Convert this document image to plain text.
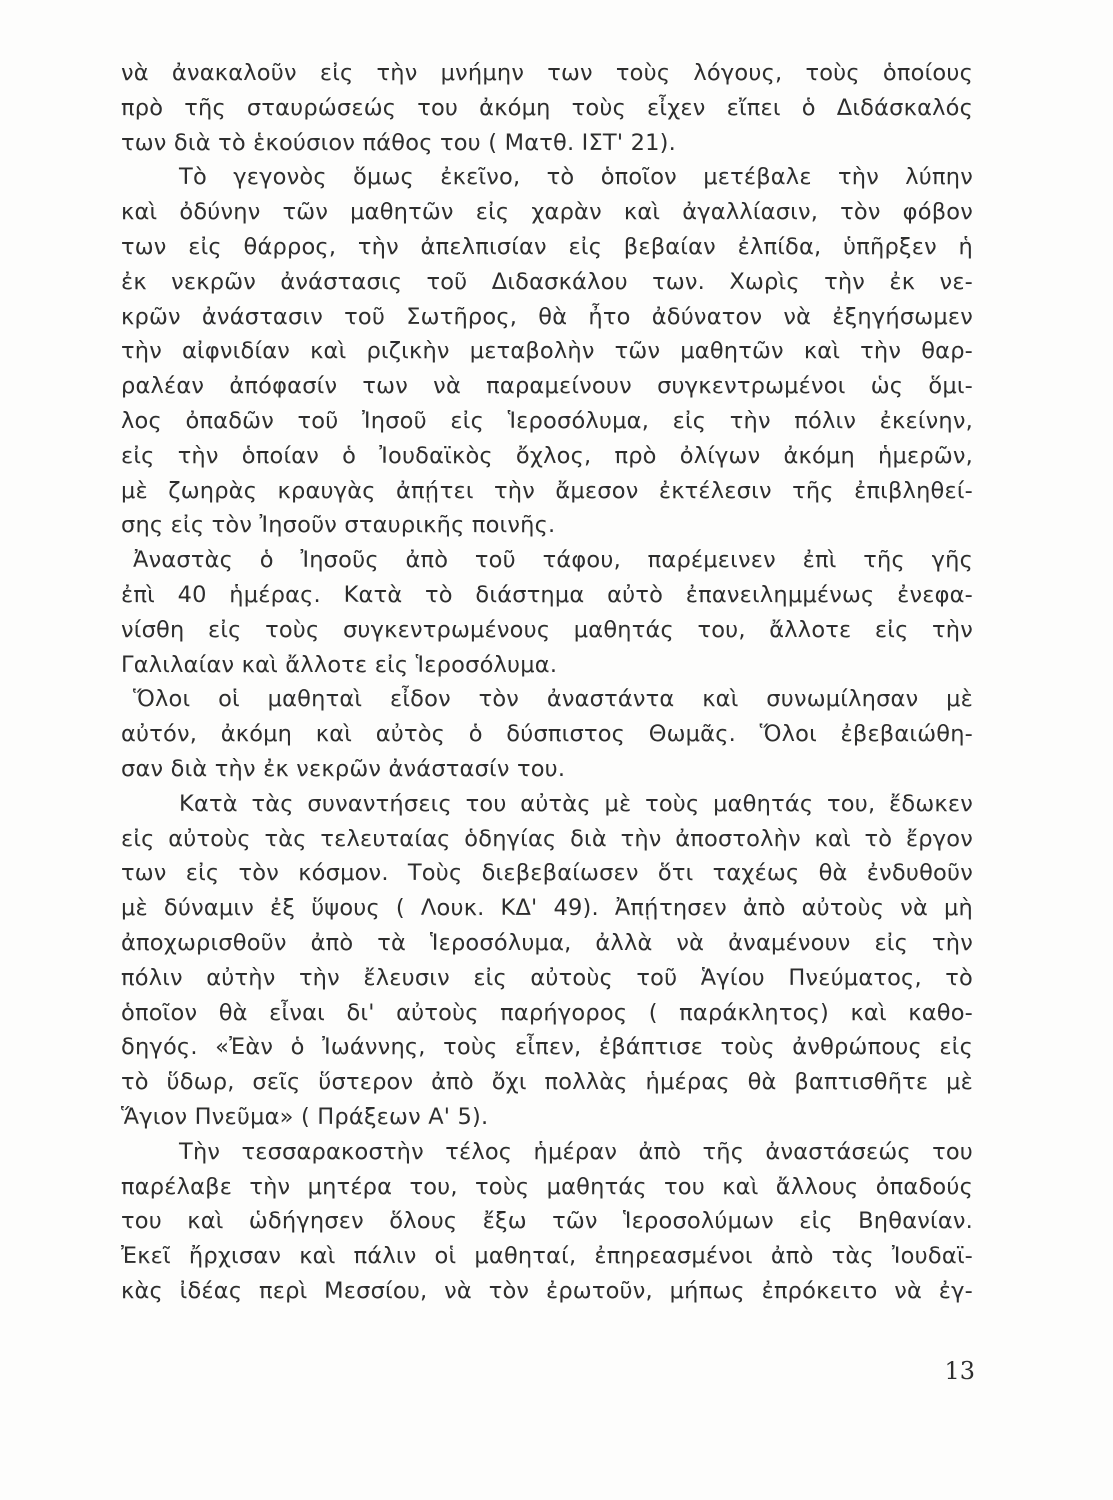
νὰ ἀνακαλοῦν εἰς τὴν μνήμην των τοὺς λόγους, τοὺς ὁποίους
πρὸ τῆς σταυρώσεώς του ἀκόμη τοὺς εἶχεν εἴπει ὁ Διδάσκαλός
των διὰ τὸ ἑκούσιον πάθος του ( Ματθ. ΙΣΤ' 21).
Τὸ γεγονὸς ὅμως ἐκεῖνο, τὸ ὁποῖον μετέβαλε τὴν λύπην
καὶ ὀδύνην τῶν μαθητῶν εἰς χαρὰν καὶ ἀγαλλίασιν, τὸν φόβον
των εἰς θάρρος, τὴν ἀπελπισίαν εἰς βεβαίαν ἐλπίδα, ὑπῆρξεν ἡ
ἐκ νεκρῶν ἀνάστασις τοῦ Διδασκάλου των. Χωρὶς τὴν ἐκ νε-
κρῶν ἀνάστασιν τοῦ Σωτῆρος, θὰ ἦτο ἀδύνατον νὰ ἐξηγήσωμεν
τὴν αἰφνιδίαν καὶ ριζικὴν μεταβολὴν τῶν μαθητῶν καὶ τὴν θαρ-
ραλέαν ἀπόφασίν των νὰ παραμείνουν συγκεντρωμένοι ὡς ὅμι-
λος ὀπαδῶν τοῦ Ἰησοῦ εἰς Ἱεροσόλυμα, εἰς τὴν πόλιν ἐκείνην,
εἰς τὴν ὁποίαν ὁ Ἰουδαϊκὸς ὄχλος, πρὸ ὀλίγων ἀκόμη ἡμερῶν,
μὲ ζωηρὰς κραυγὰς ἀπῄτει τὴν ἄμεσον ἐκτέλεσιν τῆς ἐπιβληθεί-
σης εἰς τὸν Ἰησοῦν σταυρικῆς ποινῆς.
Ἀναστὰς ὁ Ἰησοῦς ἀπὸ τοῦ τάφου, παρέμεινεν ἐπὶ τῆς γῆς
ἐπὶ 40 ἡμέρας. Κατὰ τὸ διάστημα αὐτὸ ἐπανειλημμένως ἐνεφα-
νίσθη εἰς τοὺς συγκεντρωμένους μαθητάς του, ἄλλοτε εἰς τὴν
Γαλιλαίαν καὶ ἄλλοτε εἰς Ἱεροσόλυμα.
Ὅλοι οἱ μαθηταὶ εἶδον τὸν ἀναστάντα καὶ συνωμίλησαν μὲ
αὐτόν, ἀκόμη καὶ αὐτὸς ὁ δύσπιστος Θωμᾶς. Ὅλοι ἐβεβαιώθη-
σαν διὰ τὴν ἐκ νεκρῶν ἀνάστασίν του.
Κατὰ τὰς συναντήσεις του αὐτὰς μὲ τοὺς μαθητάς του, ἔδωκεν
εἰς αὐτοὺς τὰς τελευταίας ὁδηγίας διὰ τὴν ἀποστολὴν καὶ τὸ ἔργον
των εἰς τὸν κόσμον. Τοὺς διεβεβαίωσεν ὅτι ταχέως θὰ ἐνδυθοῦν
μὲ δύναμιν ἐξ ὕψους ( Λουκ. ΚΔ' 49). Ἀπῄτησεν ἀπὸ αὐτοὺς νὰ μὴ
ἀποχωρισθοῦν ἀπὸ τὰ Ἱεροσόλυμα, ἀλλὰ νὰ ἀναμένουν εἰς τὴν
πόλιν αὐτὴν τὴν ἔλευσιν εἰς αὐτοὺς τοῦ Ἁγίου Πνεύματος, τὸ
ὁποῖον θὰ εἶναι δι' αὐτοὺς παρήγορος ( παράκλητος) καὶ καθο-
δηγός. «Ἐὰν ὁ Ἰωάννης, τοὺς εἶπεν, ἐβάπτισε τοὺς ἀνθρώπους εἰς
τὸ ὕδωρ, σεῖς ὕστερον ἀπὸ ὄχι πολλὰς ἡμέρας θὰ βαπτισθῆτε μὲ
Ἅγιον Πνεῦμα» ( Πράξεων Α' 5).
Τὴν τεσσαρακοστὴν τέλος ἡμέραν ἀπὸ τῆς ἀναστάσεώς του
παρέλαβε τὴν μητέρα του, τοὺς μαθητάς του καὶ ἄλλους ὀπαδούς
του καὶ ὡδήγησεν ὅλους ἔξω τῶν Ἱεροσολύμων εἰς Βηθανίαν.
Ἐκεῖ ἤρχισαν καὶ πάλιν οἱ μαθηταί, ἐπηρεασμένοι ἀπὸ τὰς Ἰουδαϊ-
κὰς ἰδέας περὶ Μεσσίου, νὰ τὸν ἐρωτοῦν, μήπως ἐπρόκειτο νὰ ἐγ-
13
